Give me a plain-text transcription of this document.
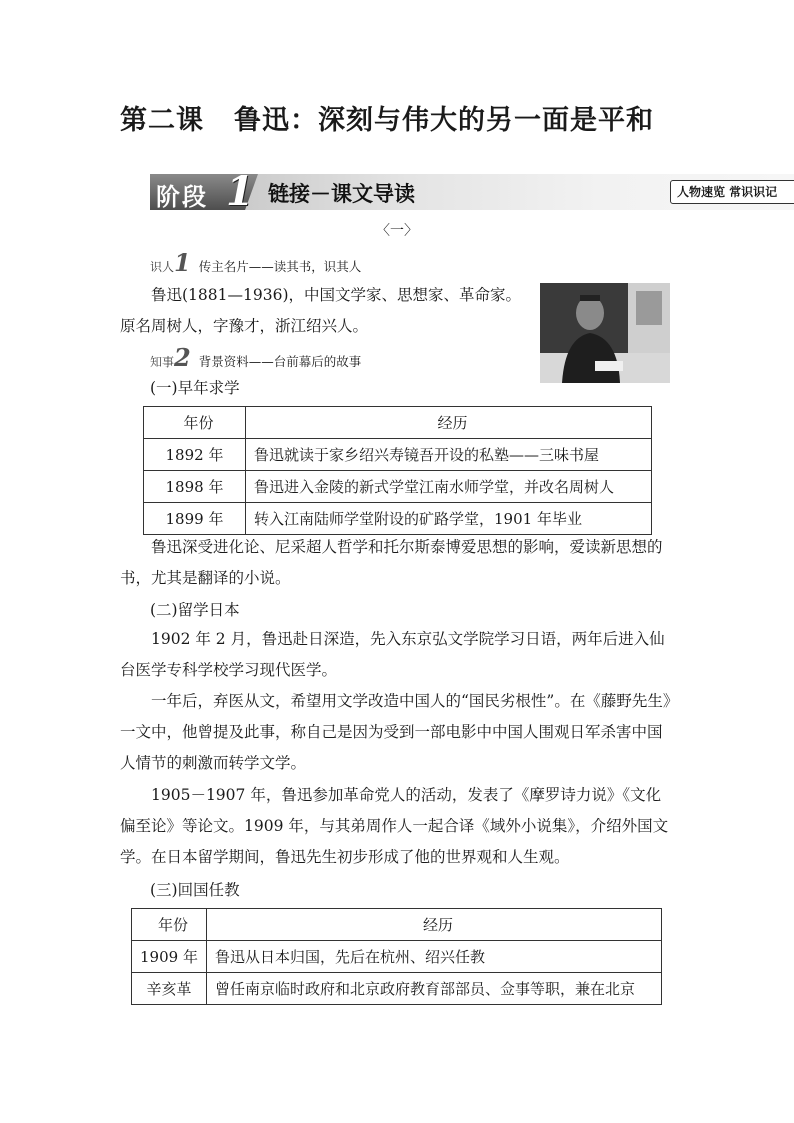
第二课 鲁迅：深刻与伟大的另一面是平和
阶段 1 链接－课文导读	人物速览 常识识记
〈一〉
识人1 传主名片——读其书，识其人

鲁迅(1881—1936)，中国文学家、思想家、革命家。原名周树人，字豫才，浙江绍兴人。

知事2 背景资料——台前幕后的故事
(一)早年求学
年份	经历
1892 年	鲁迅就读于家乡绍兴寿镜吾开设的私塾——三味书屋
1898 年	鲁迅进入金陵的新式学堂江南水师学堂，并改名周树人
1899 年	转入江南陆师学堂附设的矿路学堂，1901 年毕业

鲁迅深受进化论、尼采超人哲学和托尔斯泰博爱思想的影响，爱读新思想的书，尤其是翻译的小说。

(二)留学日本

1902 年 2 月，鲁迅赴日深造，先入东京弘文学院学习日语，两年后进入仙台医学专科学校学习现代医学。

一年后，弃医从文，希望用文学改造中国人的“国民劣根性”。在《藤野先生》一文中，他曾提及此事，称自己是因为受到一部电影中中国人围观日军杀害中国人情节的刺激而转学文学。

1905－1907 年，鲁迅参加革命党人的活动，发表了《摩罗诗力说》《文化偏至论》等论文。1909 年，与其弟周作人一起合译《域外小说集》，介绍外国文学。在日本留学期间，鲁迅先生初步形成了他的世界观和人生观。

(三)回国任教
年份	经历
1909 年	鲁迅从日本归国，先后在杭州、绍兴任教
辛亥革	曾任南京临时政府和北京政府教育部部员、佥事等职，兼在北京
